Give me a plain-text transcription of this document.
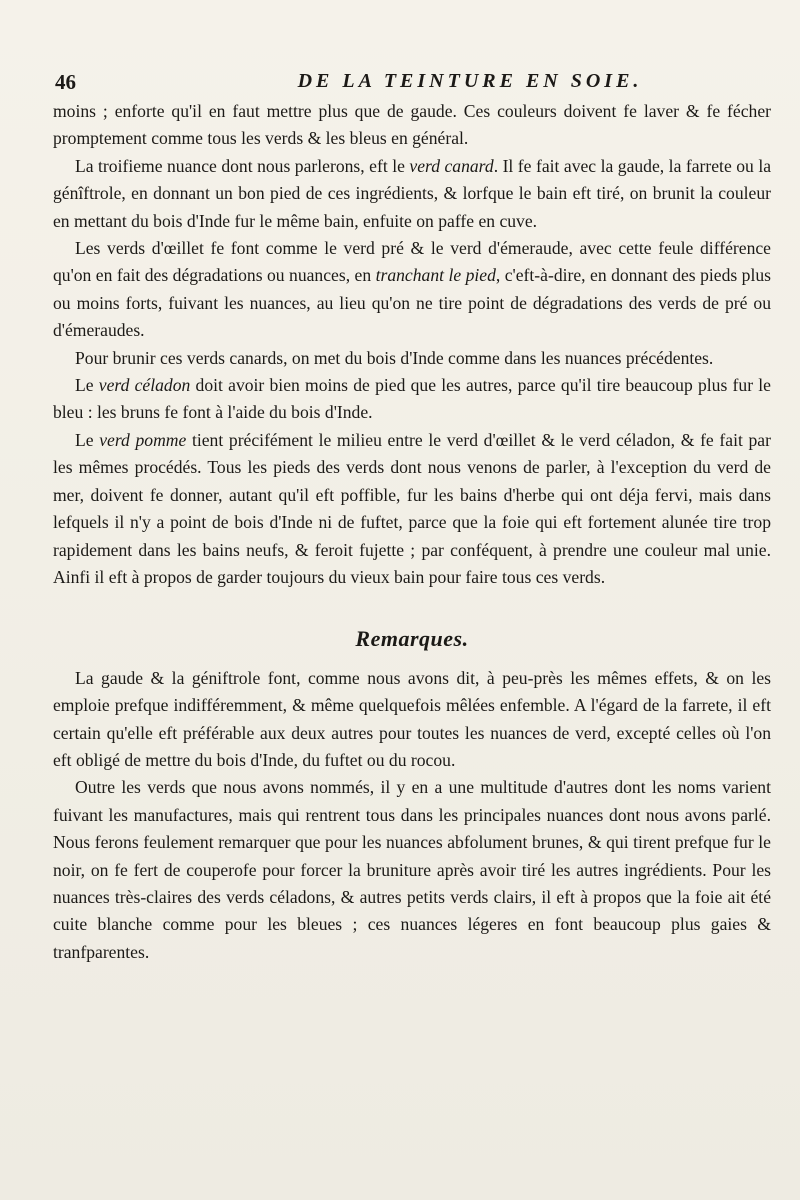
46	DE LA TEINTURE EN SOIE.

moins ; enforte qu'il en faut mettre plus que de gaude. Ces couleurs doivent fe laver & fe fécher promptement comme tous les verds & les bleus en général.

La troifieme nuance dont nous parlerons, eft le verd canard. Il fe fait avec la gaude, la farrete ou la génîftrole, en donnant un bon pied de ces ingrédients, & lorfque le bain eft tiré, on brunit la couleur en mettant du bois d'Inde fur le même bain, enfuite on paffe en cuve.

Les verds d'œillet fe font comme le verd pré & le verd d'émeraude, avec cette feule différence qu'on en fait des dégradations ou nuances, en tranchant le pied, c'eft-à-dire, en donnant des pieds plus ou moins forts, fuivant les nuances, au lieu qu'on ne tire point de dégradations des verds de pré ou d'émeraudes.

Pour brunir ces verds canards, on met du bois d'Inde comme dans les nuances précédentes.

Le verd céladon doit avoir bien moins de pied que les autres, parce qu'il tire beaucoup plus fur le bleu : les bruns fe font à l'aide du bois d'Inde.

Le verd pomme tient précifément le milieu entre le verd d'œillet & le verd céladon, & fe fait par les mêmes procédés. Tous les pieds des verds dont nous venons de parler, à l'exception du verd de mer, doivent fe donner, autant qu'il eft poffible, fur les bains d'herbe qui ont déja fervi, mais dans lefquels il n'y a point de bois d'Inde ni de fuftet, parce que la foie qui eft fortement alunée tire trop rapidement dans les bains neufs, & feroit fujette ; par conféquent, à prendre une couleur mal unie. Ainfi il eft à propos de garder toujours du vieux bain pour faire tous ces verds.

Remarques.

La gaude & la géniftrole font, comme nous avons dit, à peu-près les mêmes effets, & on les emploie prefque indifféremment, & même quelquefois mêlées enfemble. A l'égard de la farrete, il eft certain qu'elle eft préférable aux deux autres pour toutes les nuances de verd, excepté celles où l'on eft obligé de mettre du bois d'Inde, du fuftet ou du rocou.

Outre les verds que nous avons nommés, il y en a une multitude d'autres dont les noms varient fuivant les manufactures, mais qui rentrent tous dans les principales nuances dont nous avons parlé. Nous ferons feulement remarquer que pour les nuances abfolument brunes, & qui tirent prefque fur le noir, on fe fert de couperofe pour forcer la bruniture après avoir tiré les autres ingrédients. Pour les nuances très-claires des verds céladons, & autres petits verds clairs, il eft à propos que la foie ait été cuite blanche comme pour les bleues ; ces nuances légeres en font beaucoup plus gaies & tranfparentes.
